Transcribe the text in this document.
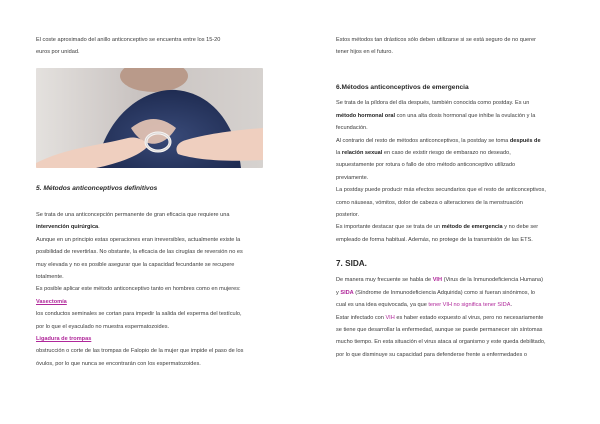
El coste aproximado del anillo anticonceptivo se encuentra entre los 15-20
euros por unidad.

5. Métodos anticonceptivos definitivos

Se trata de una anticoncepción permanente de gran eficacia que requiere una
intervención quirúrgica.
Aunque en un principio estas operaciones eran irreversibles, actualmente existe la
posibilidad de revertirlas. No obstante, la eficacia de las cirugías de reversión no es
muy elevada y no es posible asegurar que la capacidad fecundante se recupere
totalmente.
Es posible aplicar este método anticonceptivo tanto en hombres como en mujeres:
Vasectomía
los conductos seminales se cortan para impedir la salida del esperma del testículo,
por lo que el eyaculado no muestra espermatozoides.
Ligadura de trompas
obstrucción o corte de las trompas de Falopio de la mujer que impide el paso de los
óvulos, por lo que nunca se encontrarán con los espermatozoides.

Estos métodos tan drásticos sólo deben utilizarse si se está seguro de no querer
tener hijos en el futuro.

6.Métodos anticonceptivos de emergencia

Se trata de la píldora del día después, también conocida como postday. Es un
método hormonal oral con una alta dosis hormonal que inhibe la ovulación y la
fecundación.
Al contrario del resto de métodos anticonceptivos, la postday se toma después de
la relación sexual en caso de existir riesgo de embarazo no deseado,
supuestamente por rotura o fallo de otro método anticonceptivo utilizado
previamente.
La postday puede producir más efectos secundarios que el resto de anticonceptivos,
como náuseas, vómitos, dolor de cabeza o alteraciones de la menstruación
posterior.
Es importante destacar que se trata de un método de emergencia y no debe ser
empleado de forma habitual. Además, no protege de la transmisión de las ETS.

7. SIDA.

De manera muy frecuente se habla de VIH (Virus de la Inmunodeficiencia Humana)
y SIDA (Síndrome de Inmunodeficiencia Adquirida) como si fueran sinónimos, lo
cual es una idea equivocada, ya que tener VIH no significa tener SIDA.
Estar infectado con VIH es haber estado expuesto al virus, pero no necesariamente
se tiene que desarrollar la enfermedad, aunque se puede permanecer sin síntomas
mucho tiempo. En esta situación el virus ataca al organismo y este queda debilitado,
por lo que disminuye su capacidad para defenderse frente a enfermedades o
